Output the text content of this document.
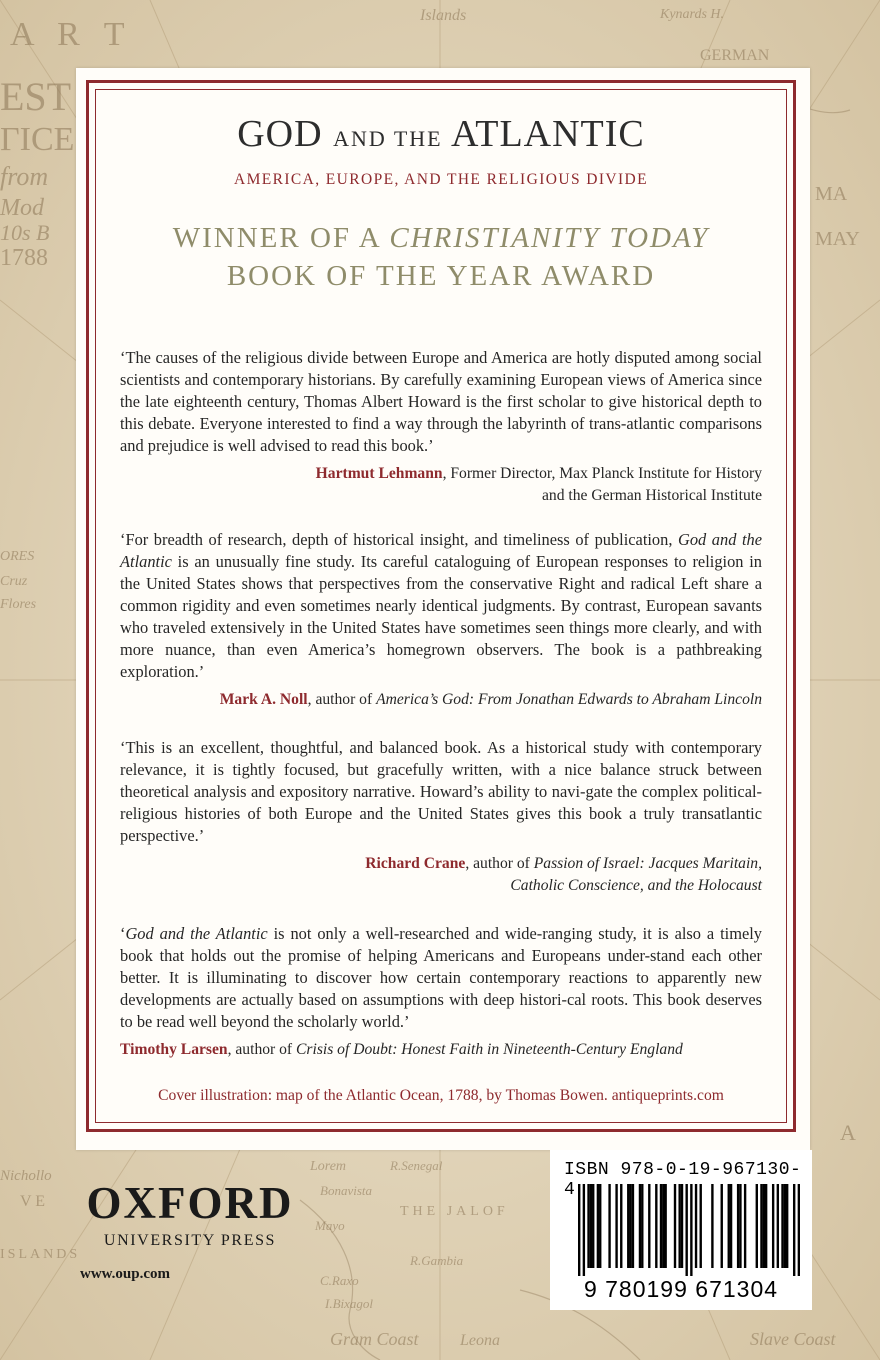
A R T
EST
ΓICE
from
Mod
10s B
1788
Islands	Kynards H.
GERMAN
MA
MAY
ORES
Cruz
Flores
Nichollo
V E
ISLANDS
Lorem
Bonavista
Mayo
C.Raxo
I.Bixagol
Gram Coast
R.Senegal
THE JALOF
R.Gambia
Leona	Slave Coast
A
GOD AND THE ATLANTIC
AMERICA, EUROPE, AND THE RELIGIOUS DIVIDE
WINNER OF A CHRISTIANITY TODAY
BOOK OF THE YEAR AWARD
‘The causes of the religious divide between Europe and America are hotly disputed among social scientists and contemporary historians. By carefully examining European views of America since the late eighteenth century, Thomas Albert Howard is the first scholar to give historical depth to this debate. Everyone interested to find a way through the labyrinth of trans-atlantic comparisons and prejudice is well advised to read this book.’
Hartmut Lehmann, Former Director, Max Planck Institute for History
and the German Historical Institute
‘For breadth of research, depth of historical insight, and timeliness of publication, God and the Atlantic is an unusually fine study. Its careful cataloguing of European responses to religion in the United States shows that perspectives from the conservative Right and radical Left share a common rigidity and even sometimes nearly identical judgments. By contrast, European savants who traveled extensively in the United States have sometimes seen things more clearly, and with more nuance, than even America’s homegrown observers. The book is a pathbreaking exploration.’
Mark A. Noll, author of America’s God: From Jonathan Edwards to Abraham Lincoln
‘This is an excellent, thoughtful, and balanced book. As a historical study with contemporary relevance, it is tightly focused, but gracefully written, with a nice balance struck between theoretical analysis and expository narrative. Howard’s ability to navi-gate the complex political-religious histories of both Europe and the United States gives this book a truly transatlantic perspective.’
Richard Crane, author of Passion of Israel: Jacques Maritain,
Catholic Conscience, and the Holocaust
‘God and the Atlantic is not only a well-researched and wide-ranging study, it is also a timely book that holds out the promise of helping Americans and Europeans under-stand each other better. It is illuminating to discover how certain contemporary reactions to apparently new developments are actually based on assumptions with deep histori-cal roots. This book deserves to be read well beyond the scholarly world.’
Timothy Larsen, author of Crisis of Doubt: Honest Faith in Nineteenth-Century England
Cover illustration: map of the Atlantic Ocean, 1788, by Thomas Bowen. antiqueprints.com
OXFORD
UNIVERSITY PRESS
www.oup.com
ISBN 978-0-19-967130-4
9 780199 671304
